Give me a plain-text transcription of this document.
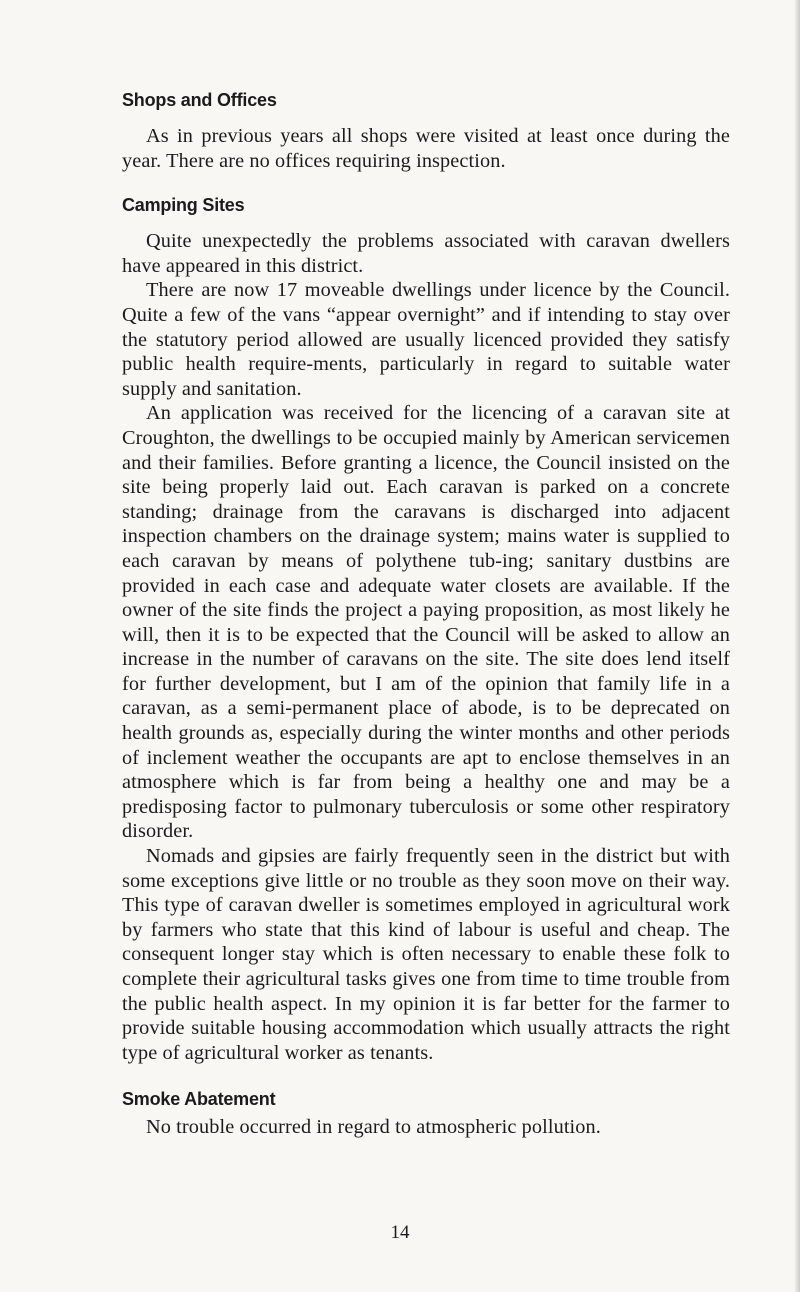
Shops and Offices

As in previous years all shops were visited at least once during the year. There are no offices requiring inspection.

Camping Sites

Quite unexpectedly the problems associated with caravan dwellers have appeared in this district.

There are now 17 moveable dwellings under licence by the Council. Quite a few of the vans “appear overnight” and if intending to stay over the statutory period allowed are usually licenced provided they satisfy public health require-ments, particularly in regard to suitable water supply and sanitation.

An application was received for the licencing of a caravan site at Croughton, the dwellings to be occupied mainly by American servicemen and their families. Before granting a licence, the Council insisted on the site being properly laid out. Each caravan is parked on a concrete standing; drainage from the caravans is discharged into adjacent inspection chambers on the drainage system; mains water is supplied to each caravan by means of polythene tub-ing; sanitary dustbins are provided in each case and adequate water closets are available. If the owner of the site finds the project a paying proposition, as most likely he will, then it is to be expected that the Council will be asked to allow an increase in the number of caravans on the site. The site does lend itself for further development, but I am of the opinion that family life in a caravan, as a semi-permanent place of abode, is to be deprecated on health grounds as, especially during the winter months and other periods of inclement weather the occupants are apt to enclose themselves in an atmosphere which is far from being a healthy one and may be a predisposing factor to pulmonary tuberculosis or some other respiratory disorder.

Nomads and gipsies are fairly frequently seen in the district but with some exceptions give little or no trouble as they soon move on their way. This type of caravan dweller is sometimes employed in agricultural work by farmers who state that this kind of labour is useful and cheap. The consequent longer stay which is often necessary to enable these folk to complete their agricultural tasks gives one from time to time trouble from the public health aspect. In my opinion it is far better for the farmer to provide suitable housing accommodation which usually attracts the right type of agricultural worker as tenants.

Smoke Abatement

No trouble occurred in regard to atmospheric pollution.

14
